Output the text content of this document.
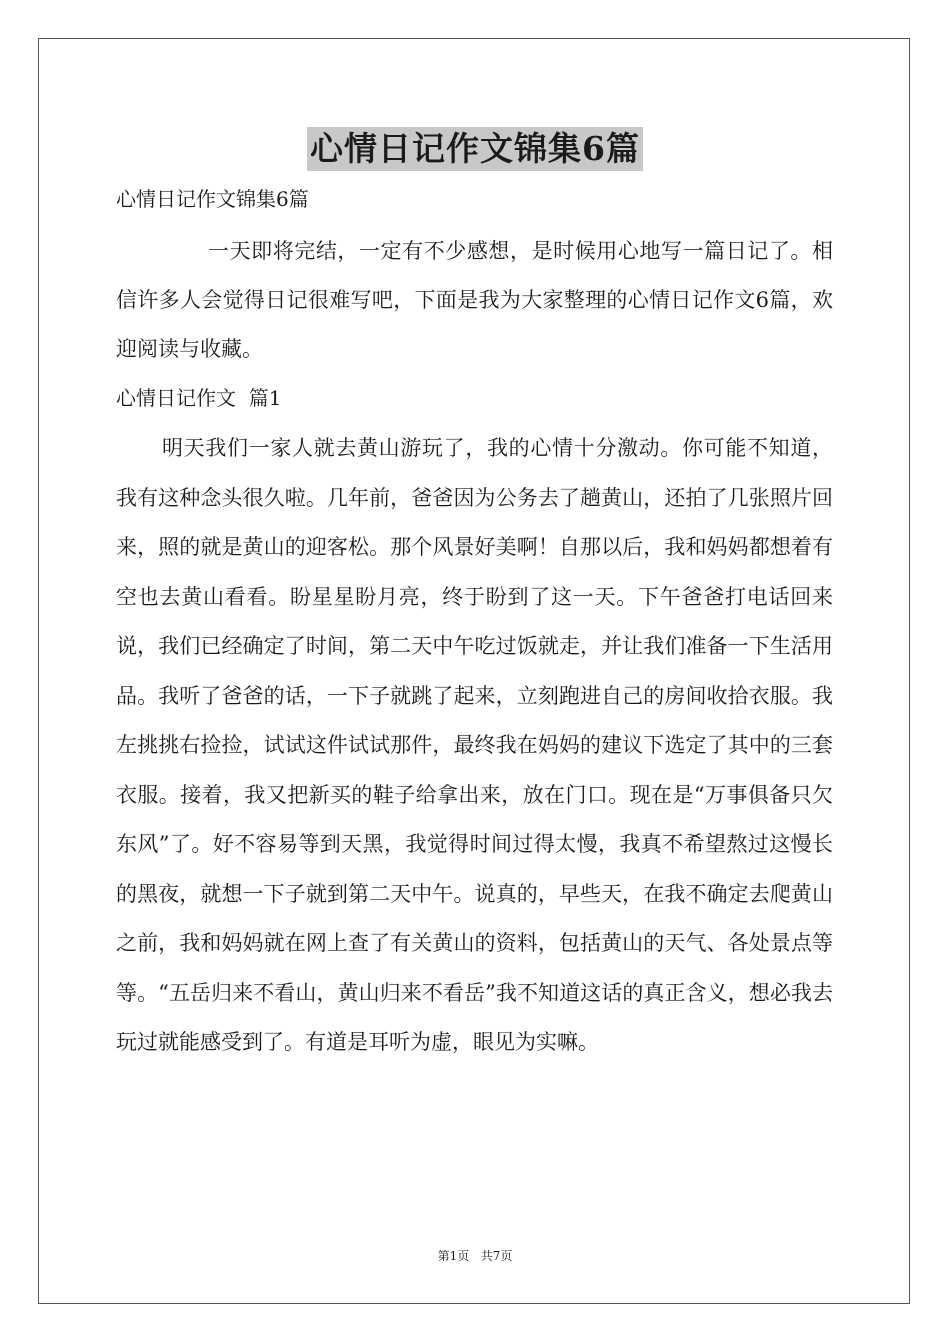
心情日记作文锦集6篇

心情日记作文锦集6篇

一天即将完结，一定有不少感想，是时候用心地写一篇日记了。相信许多人会觉得日记很难写吧，下面是我为大家整理的心情日记作文6篇，欢迎阅读与收藏。

心情日记作文  篇1

明天我们一家人就去黄山游玩了，我的心情十分激动。你可能不知道，我有这种念头很久啦。几年前，爸爸因为公务去了趟黄山，还拍了几张照片回来，照的就是黄山的迎客松。那个风景好美啊！自那以后，我和妈妈都想着有空也去黄山看看。盼星星盼月亮，终于盼到了这一天。下午爸爸打电话回来说，我们已经确定了时间，第二天中午吃过饭就走，并让我们准备一下生活用品。我听了爸爸的话，一下子就跳了起来，立刻跑进自己的房间收拾衣服。我左挑挑右捡捡，试试这件试试那件，最终我在妈妈的建议下选定了其中的三套衣服。接着，我又把新买的鞋子给拿出来，放在门口。现在是“万事俱备只欠东风”了。好不容易等到天黑，我觉得时间过得太慢，我真不希望熬过这慢长的黑夜，就想一下子就到第二天中午。说真的，早些天，在我不确定去爬黄山之前，我和妈妈就在网上查了有关黄山的资料，包括黄山的天气、各处景点等等。“五岳归来不看山，黄山归来不看岳”我不知道这话的真正含义，想必我去玩过就能感受到了。有道是耳听为虚，眼见为实嘛。

第1页   共7页
